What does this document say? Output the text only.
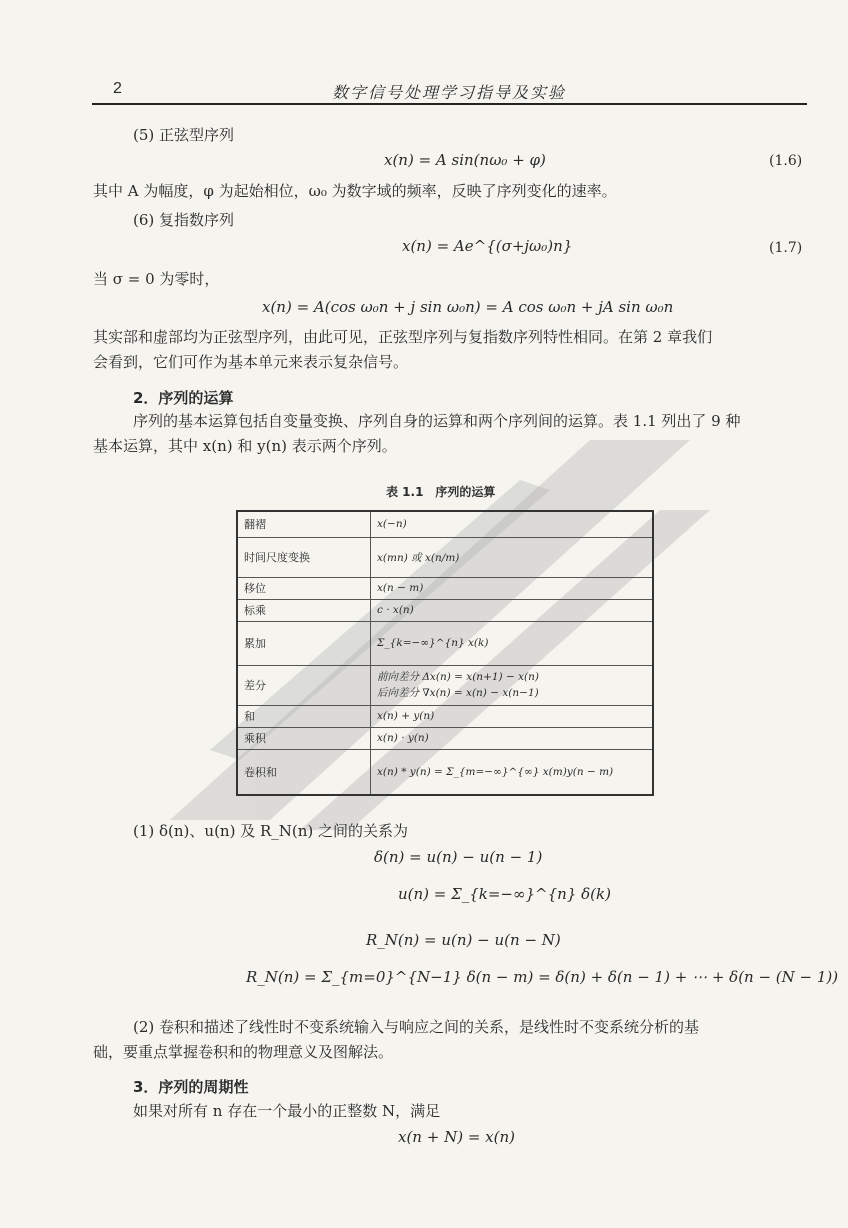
2	数字信号处理学习指导及实验
(5) 正弦型序列
x(n) = A sin(nω₀ + φ)	(1.6)
其中 A 为幅度，φ 为起始相位，ω₀ 为数字域的频率，反映了序列变化的速率。
(6) 复指数序列
x(n) = Ae^{(σ+jω₀)n}	(1.7)
当 σ = 0 为零时，
x(n) = A(cos ω₀n + j sin ω₀n) = A cos ω₀n + jA sin ω₀n
其实部和虚部均为正弦型序列，由此可见，正弦型序列与复指数序列特性相同。在第 2 章我们
会看到，它们可作为基本单元来表示复杂信号。
2．序列的运算
序列的基本运算包括自变量变换、序列自身的运算和两个序列间的运算。表 1.1 列出了 9 种
基本运算，其中 x(n) 和 y(n) 表示两个序列。
表 1.1　序列的运算
翻褶	x(−n)
时间尺度变换	x(mn) 或 x(n/m)
移位	x(n − m)
标乘	c · x(n)
累加	Σ_{k=−∞}^{n} x(k)
差分	前向差分 Δx(n) = x(n+1) − x(n)
后向差分 ∇x(n) = x(n) − x(n−1)

和	x(n) + y(n)
乘积	x(n) · y(n)
卷积和	x(n) * y(n) = Σ_{m=−∞}^{∞} x(m)y(n − m)
(1) δ(n)、u(n) 及 R_N(n) 之间的关系为
δ(n) = u(n) − u(n − 1)
u(n) = Σ_{k=−∞}^{n} δ(k)
R_N(n) = u(n) − u(n − N)
R_N(n) = Σ_{m=0}^{N−1} δ(n − m) = δ(n) + δ(n − 1) + ⋯ + δ(n − (N − 1))
(2) 卷积和描述了线性时不变系统输入与响应之间的关系，是线性时不变系统分析的基
础，要重点掌握卷积和的物理意义及图解法。
3．序列的周期性
如果对所有 n 存在一个最小的正整数 N，满足
x(n + N) = x(n)
